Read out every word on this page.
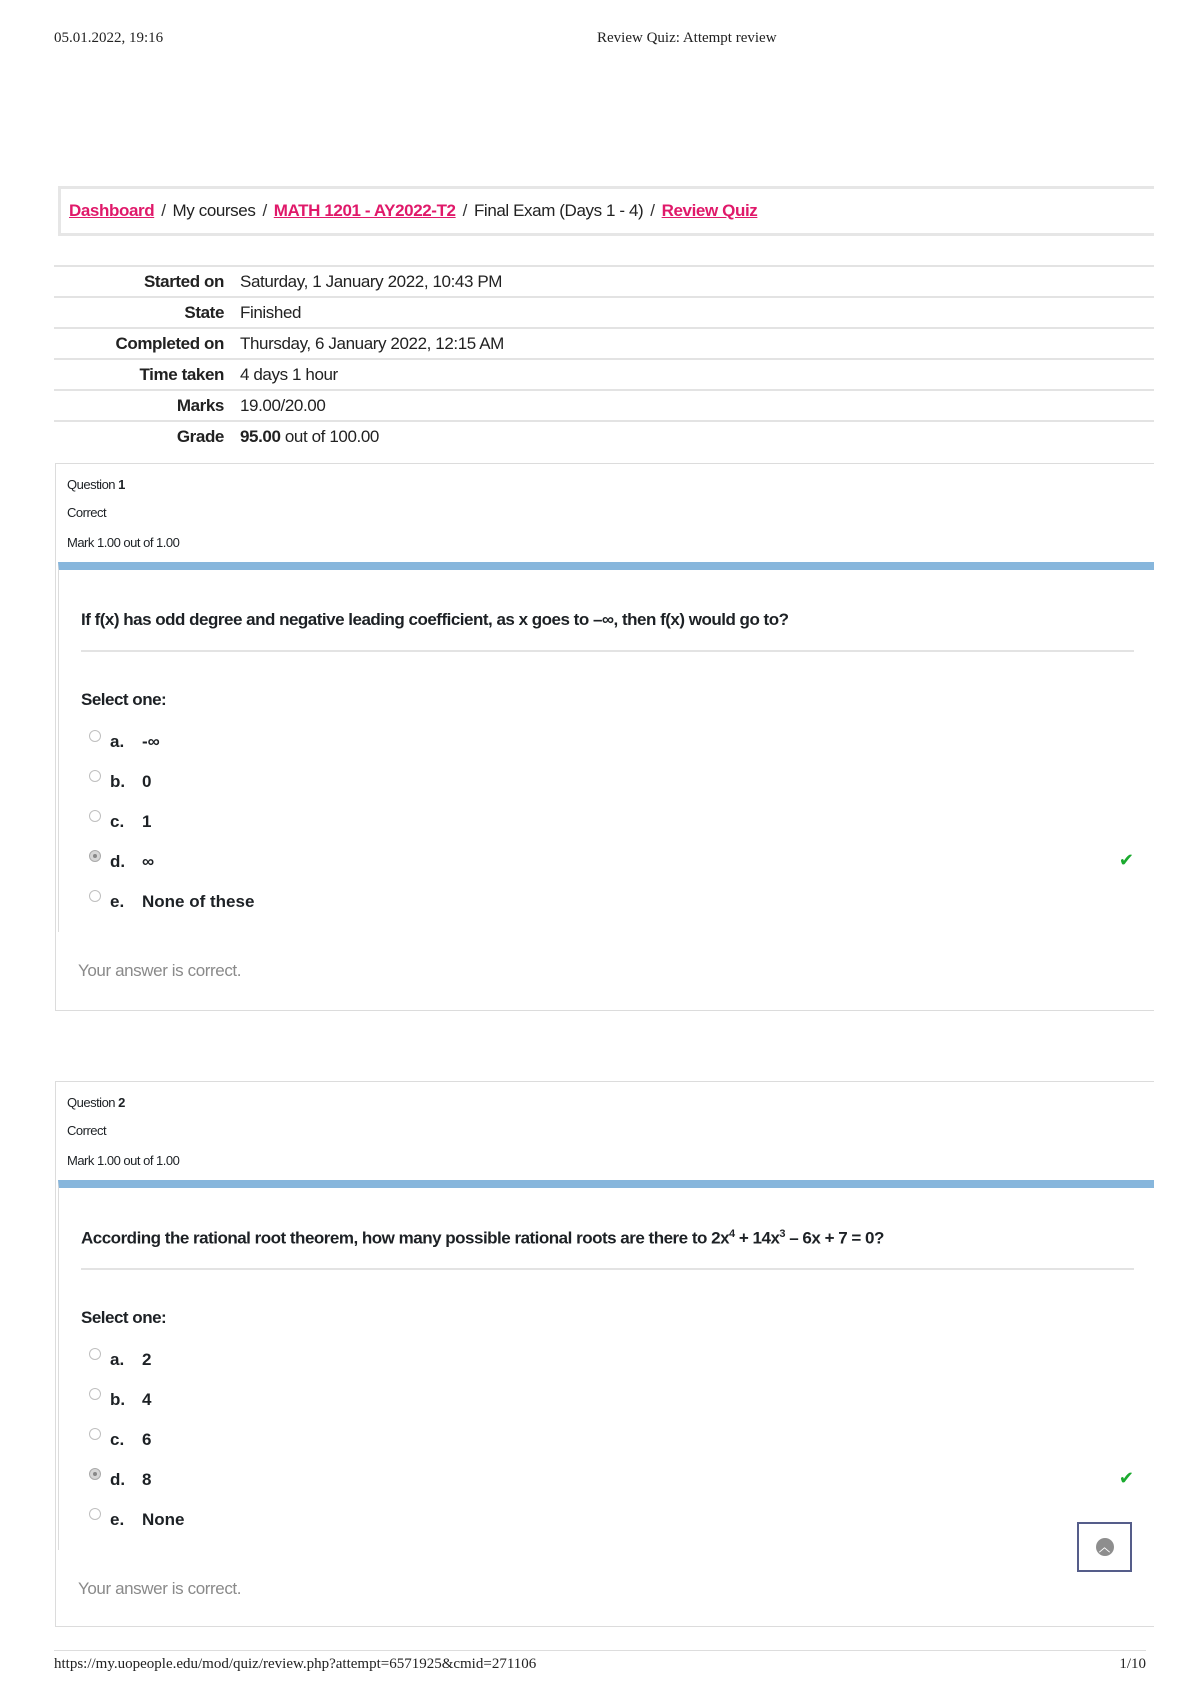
05.01.2022, 19:16	Review Quiz: Attempt review
Dashboard / My courses / MATH 1201 - AY2022-T2 / Final Exam (Days 1 - 4) / Review Quiz
Started on	Saturday, 1 January 2022, 10:43 PM
State	Finished
Completed on	Thursday, 6 January 2022, 12:15 AM
Time taken	4 days 1 hour
Marks	19.00/20.00
Grade	95.00 out of 100.00
Question 1
Correct
Mark 1.00 out of 1.00
If f(x) has odd degree and negative leading coefficient, as x goes to –∞, then f(x) would go to?
Select one:
a.	-∞
b. 0
c.	1
d. ∞	✔
e.	None of these
Your answer is correct.
Question 2
Correct
Mark 1.00 out of 1.00
According the rational root theorem, how many possible rational roots are there to $2x^4 + 14x^3 - 6x + 7 = 0$?
Select one:
a.	2
b. 4
c.	6
d. 8	✔
e.	None
Your answer is correct.
︿
https://my.uopeople.edu/mod/quiz/review.php?attempt=6571925&cmid=271106	1/10
